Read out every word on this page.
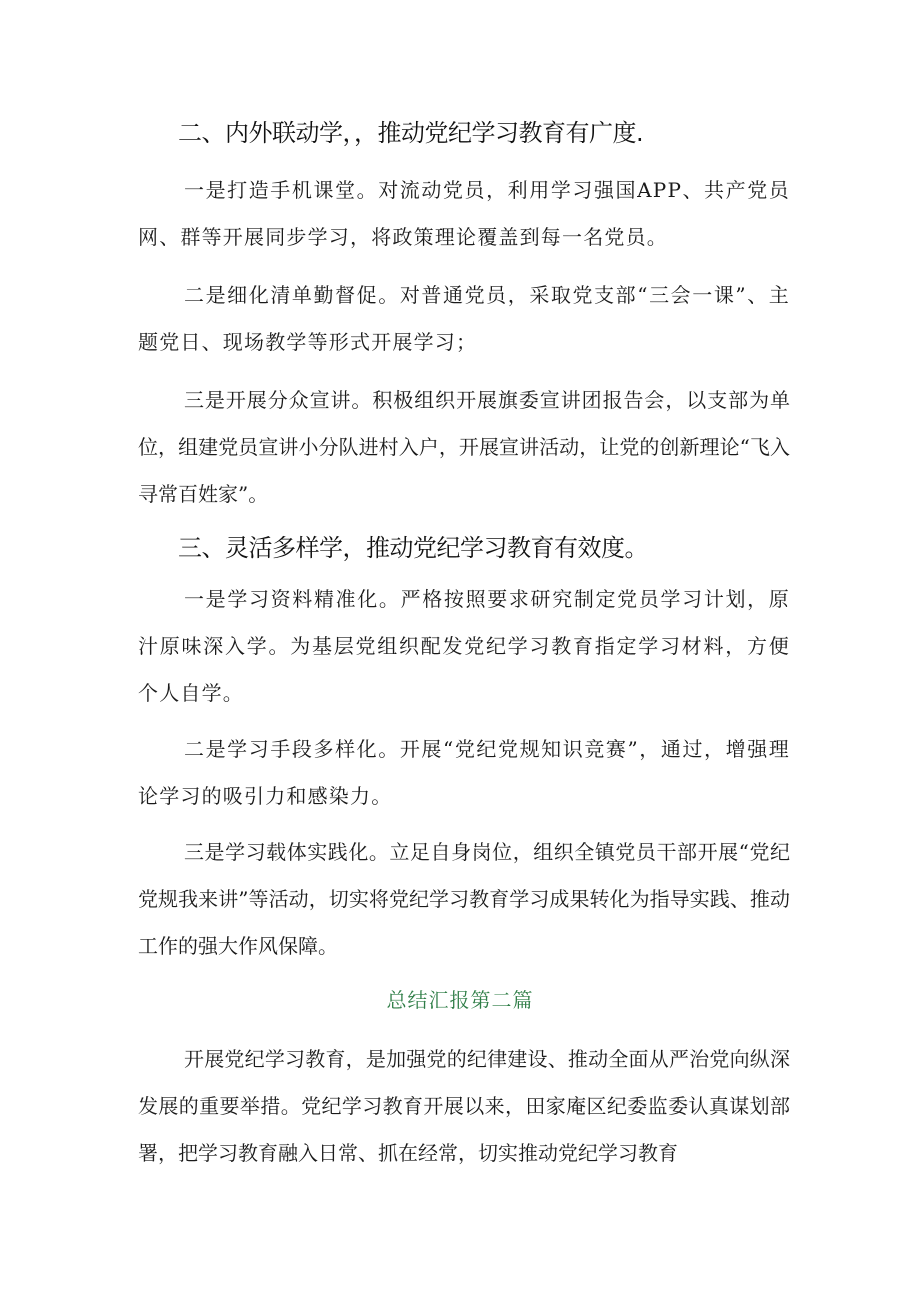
二、内外联动学，，推动党纪学习教育有广度.
一是打造手机课堂。对流动党员，利用学习强国APP、共产党员网、群等开展同步学习，将政策理论覆盖到每一名党员。
二是细化清单勤督促。对普通党员，采取党支部“三会一课”、主题党日、现场教学等形式开展学习；
三是开展分众宣讲。积极组织开展旗委宣讲团报告会，以支部为单位，组建党员宣讲小分队进村入户，开展宣讲活动，让党的创新理论“飞入寻常百姓家”。
三、灵活多样学，推动党纪学习教育有效度。
一是学习资料精准化。严格按照要求研究制定党员学习计划，原汁原味深入学。为基层党组织配发党纪学习教育指定学习材料，方便个人自学。
二是学习手段多样化。开展“党纪党规知识竞赛”，通过，增强理论学习的吸引力和感染力。
三是学习载体实践化。立足自身岗位，组织全镇党员干部开展“党纪党规我来讲”等活动，切实将党纪学习教育学习成果转化为指导实践、推动工作的强大作风保障。
总结汇报第二篇
开展党纪学习教育，是加强党的纪律建设、推动全面从严治党向纵深发展的重要举措。党纪学习教育开展以来，田家庵区纪委监委认真谋划部署，把学习教育融入日常、抓在经常，切实推动党纪学习教育
